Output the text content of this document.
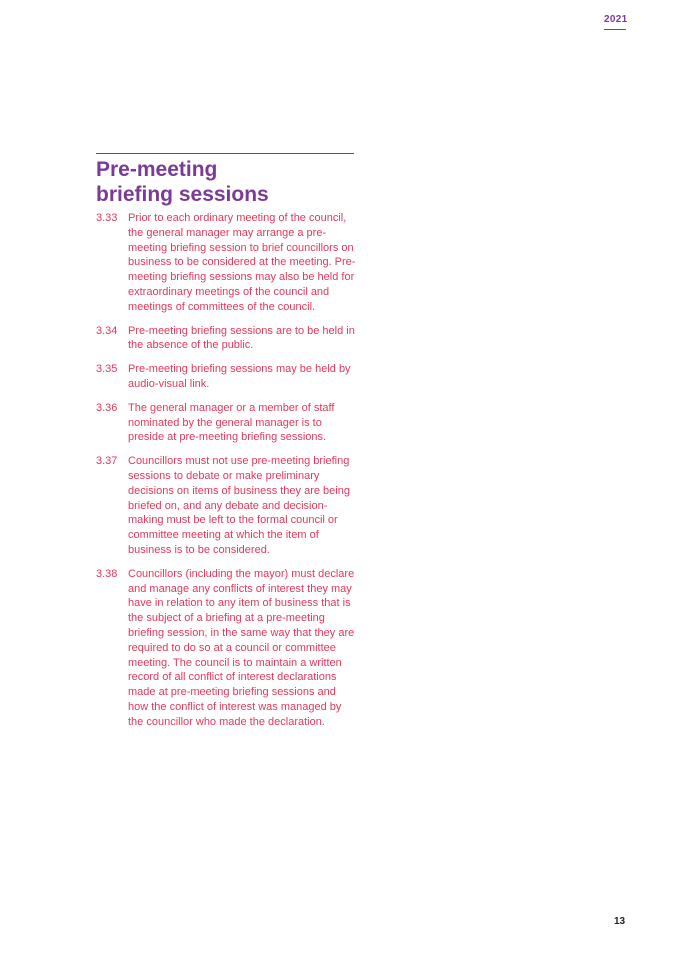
2021
Pre-meeting
briefing sessions
3.33 Prior to each ordinary meeting of the council, the general manager may arrange a pre-meeting briefing session to brief councillors on business to be considered at the meeting. Pre-meeting briefing sessions may also be held for extraordinary meetings of the council and meetings of committees of the council.
3.34 Pre-meeting briefing sessions are to be held in the absence of the public.
3.35 Pre-meeting briefing sessions may be held by audio-visual link.
3.36 The general manager or a member of staff nominated by the general manager is to preside at pre-meeting briefing sessions.
3.37 Councillors must not use pre-meeting briefing sessions to debate or make preliminary decisions on items of business they are being briefed on, and any debate and decision-making must be left to the formal council or committee meeting at which the item of business is to be considered.
3.38 Councillors (including the mayor) must declare and manage any conflicts of interest they may have in relation to any item of business that is the subject of a briefing at a pre-meeting briefing session, in the same way that they are required to do so at a council or committee meeting. The council is to maintain a written record of all conflict of interest declarations made at pre-meeting briefing sessions and how the conflict of interest was managed by the councillor who made the declaration.
13
